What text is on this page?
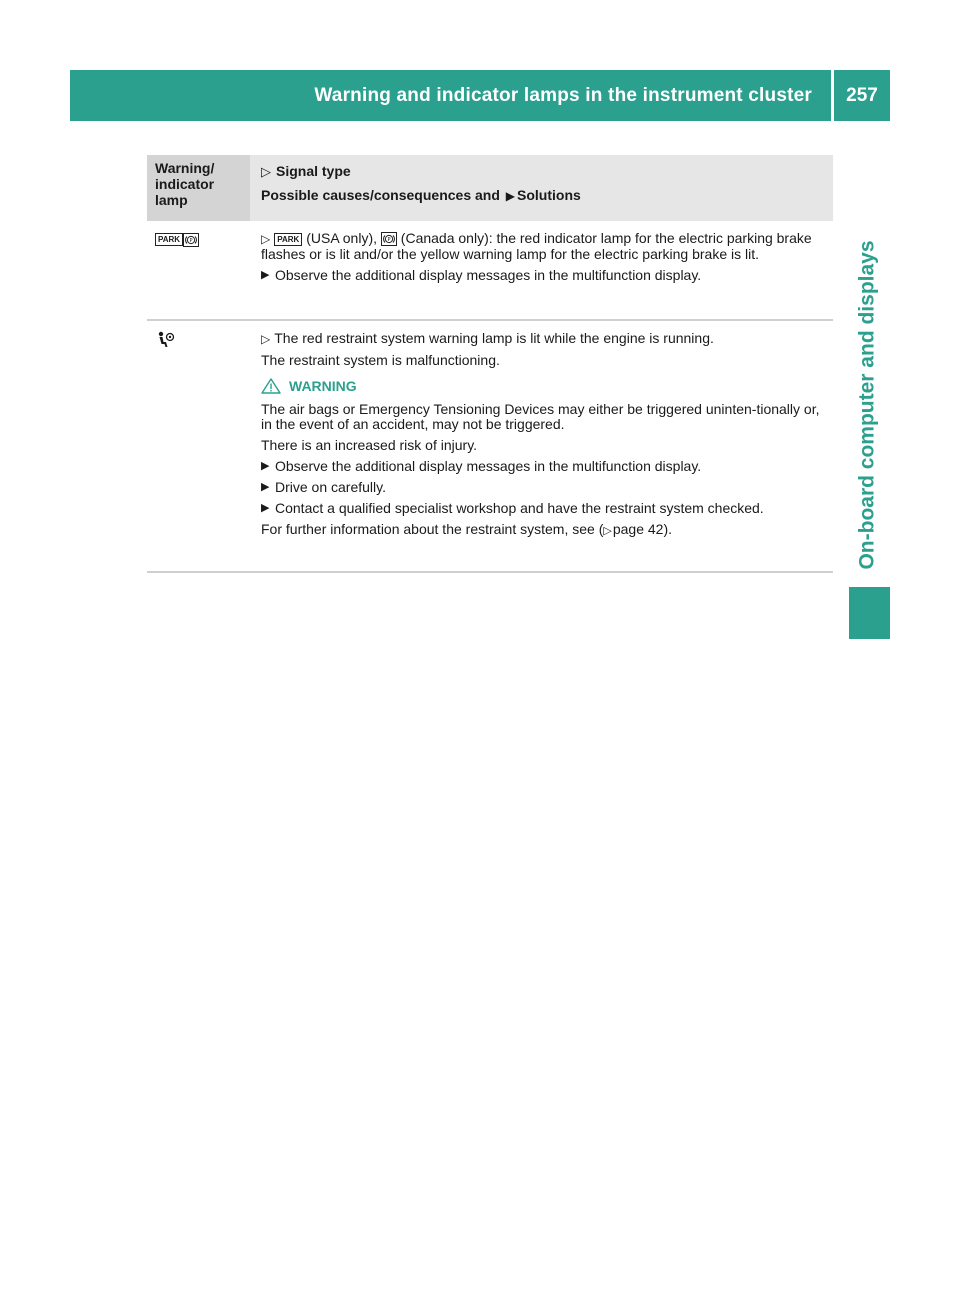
Warning and indicator lamps in the instrument cluster	257
On-board computer and displays
Warning/
indicator
lamp
▷ Signal type
Possible causes/consequences and ▶ Solutions
PARK P	▷ PARK (USA only), P (Canada only): the red indicator lamp for the electric parking brake flashes or is lit and/or the yellow warning lamp for the electric parking brake is lit.

▶ Observe the additional display messages in the multifunction display.

▷ The red restraint system warning lamp is lit while the engine is running.

The restraint system is malfunctioning.

WARNING

The air bags or Emergency Tensioning Devices may either be triggered uninten-tionally or, in the event of an accident, may not be triggered.

There is an increased risk of injury.

▶ Observe the additional display messages in the multifunction display.
▶ Drive on carefully.
▶ Contact a qualified specialist workshop and have the restraint system checked.

For further information about the restraint system, see (▷page 42).
